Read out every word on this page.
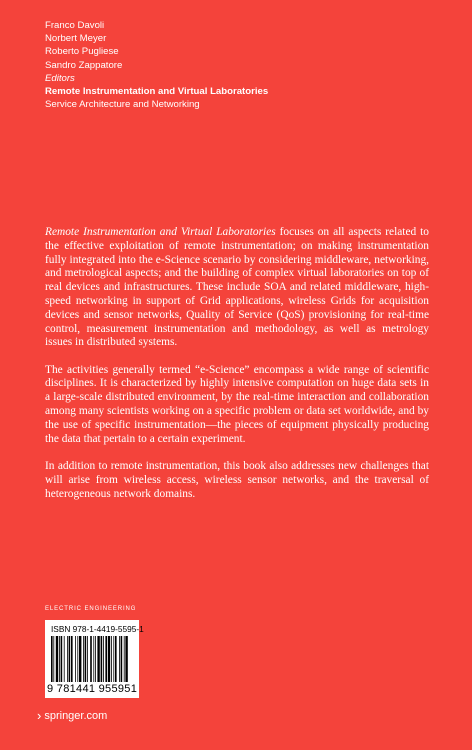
Franco Davoli
Norbert Meyer
Roberto Pugliese
Sandro Zappatore
Editors
Remote Instrumentation and Virtual Laboratories
Service Architecture and Networking

Remote Instrumentation and Virtual Laboratories focuses on all aspects related to the effective exploitation of remote instrumentation; on making instrumentation fully integrated into the e-Science scenario by considering middleware, networking, and metrological aspects; and the building of complex virtual laboratories on top of real devices and infrastructures. These include SOA and related middleware, high-speed networking in support of Grid applications, wireless Grids for acquisition devices and sensor networks, Quality of Service (QoS) provisioning for real-time control, measurement instrumentation and methodology, as well as metrology issues in distributed systems.

The activities generally termed “e-Science” encompass a wide range of scientific disciplines. It is characterized by highly intensive computation on huge data sets in a large-scale distributed environment, by the real-time interaction and collaboration among many scientists working on a specific problem or data set worldwide, and by the use of specific instrumentation—the pieces of equipment physically producing the data that pertain to a certain experiment.

In addition to remote instrumentation, this book also addresses new challenges that will arise from wireless access, wireless sensor networks, and the traversal of heterogeneous network domains.

ELECTRIC ENGINEERING
ISBN 978-1-4419-5595-1
9 781441 955951
› springer.com
